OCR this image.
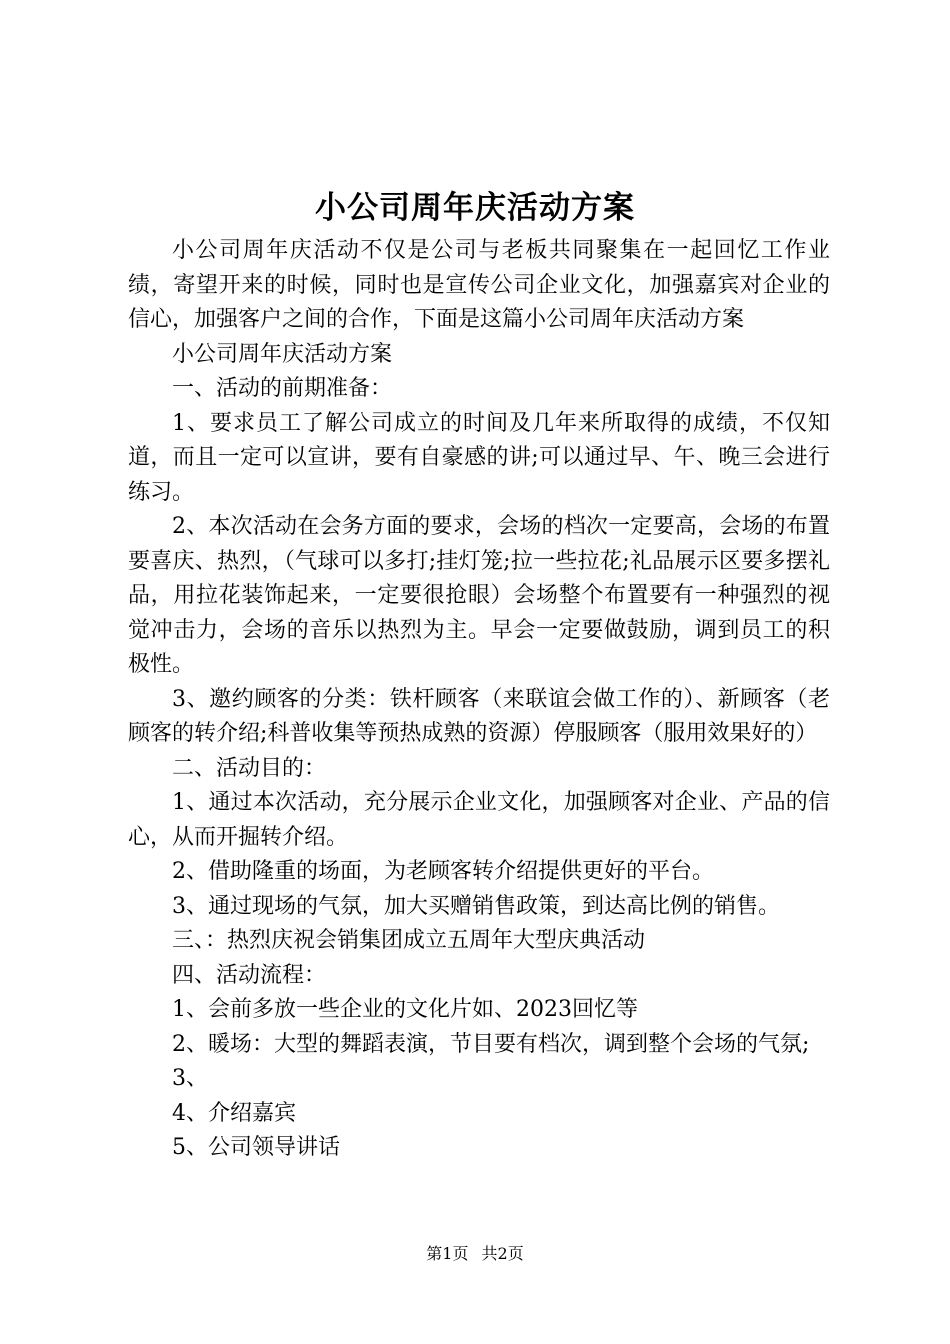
小公司周年庆活动方案

小公司周年庆活动不仅是公司与老板共同聚集在一起回忆工作业绩，寄望开来的时候，同时也是宣传公司企业文化，加强嘉宾对企业的信心，加强客户之间的合作，下面是这篇小公司周年庆活动方案

小公司周年庆活动方案

一、活动的前期准备：

1、要求员工了解公司成立的时间及几年来所取得的成绩，不仅知道，而且一定可以宣讲，要有自豪感的讲;可以通过早、午、晚三会进行练习。

2、本次活动在会务方面的要求，会场的档次一定要高，会场的布置要喜庆、热烈，（气球可以多打;挂灯笼;拉一些拉花;礼品展示区要多摆礼品，用拉花装饰起来，一定要很抢眼）会场整个布置要有一种强烈的视觉冲击力，会场的音乐以热烈为主。早会一定要做鼓励，调到员工的积极性。

3、邀约顾客的分类：铁杆顾客（来联谊会做工作的）、新顾客（老顾客的转介绍;科普收集等预热成熟的资源）停服顾客（服用效果好的）

二、活动目的：

1、通过本次活动，充分展示企业文化，加强顾客对企业、产品的信心，从而开掘转介绍。

2、借助隆重的场面，为老顾客转介绍提供更好的平台。

3、通过现场的气氛，加大买赠销售政策，到达高比例的销售。

三、：热烈庆祝会销集团成立五周年大型庆典活动

四、活动流程：

1、会前多放一些企业的文化片如、2023回忆等

2、暖场：大型的舞蹈表演，节目要有档次，调到整个会场的气氛;

3、

4、介绍嘉宾

5、公司领导讲话

第1页 共2页
